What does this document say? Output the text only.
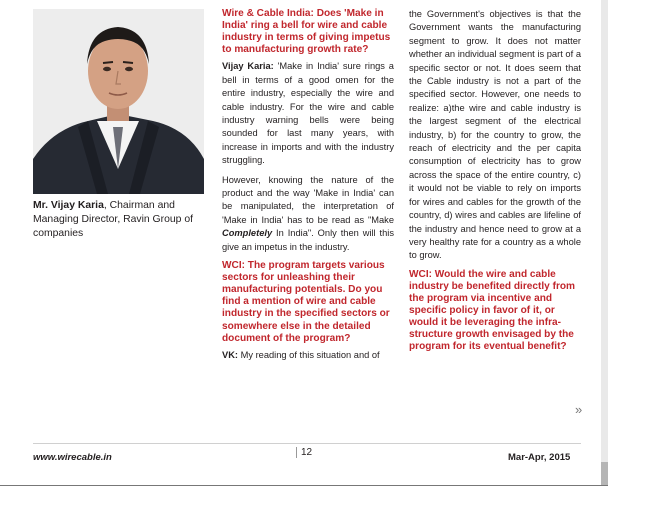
Mr. Vijay Karia, Chairman and Managing Director, Ravin Group of companies

Wire & Cable India: Does 'Make in India' ring a bell for wire and cable industry in terms of giving impetus to manufacturing growth rate?

Vijay Karia: 'Make in India' sure rings a bell in terms of a good omen for the entire industry, especially the wire and cable industry. For the wire and cable industry warning bells were being sounded for last many years, with increase in imports and with the industry struggling.

However, knowing the nature of the product and the way 'Make in India' can be manipulated, the interpretation of 'Make in India' has to be read as "Make Completely In India". Only then will this give an impetus in the industry.

WCI: The program targets various sectors for unleashing their manufacturing potentials. Do you find a mention of wire and cable industry in the specified sectors or somewhere else in the detailed document of the program?

VK: My reading of this situation and of

the Government's objectives is that the Government wants the manufacturing segment to grow. It does not matter whether an individual segment is part of a specific sector or not. It does seem that the Cable industry is not a part of the specified sector. However, one needs to realize: a)the wire and cable industry is the largest segment of the electrical industry, b) for the country to grow, the reach of electricity and the per capita consumption of electricity has to grow across the space of the entire country, c) it would not be viable to rely on imports for wires and cables for the growth of the country, d) wires and cables are lifeline of the industry and hence need to grow at a very healthy rate for a country as a whole to grow.

WCI: Would the wire and cable industry be benefited directly from the program via incentive and specific policy in favor of it, or would it be leveraging the infra-structure growth envisaged by the program for its eventual benefit?

»
www.wirecable.in	12	Mar-Apr, 2015
